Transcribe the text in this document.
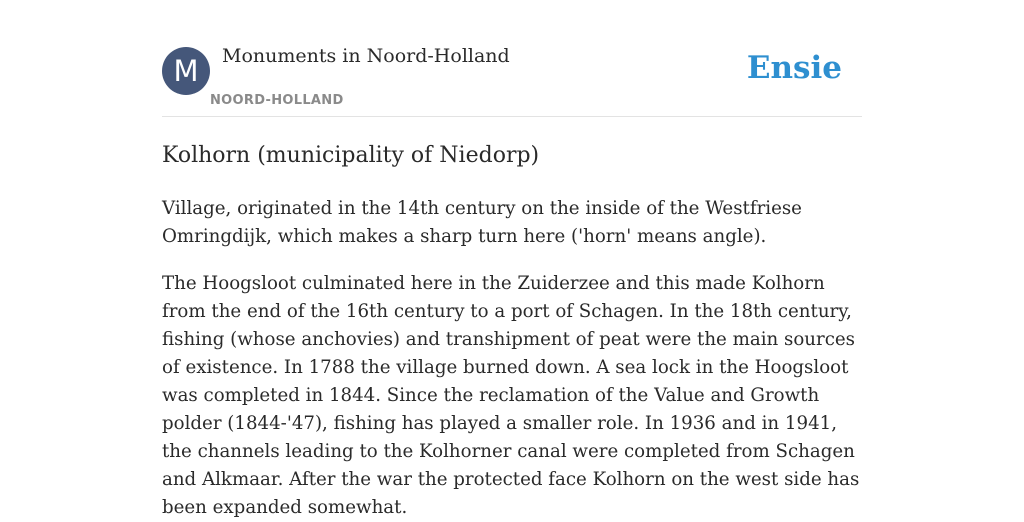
M	Monuments in Noord-Holland
NOORD-HOLLAND
Ensie
Kolhorn (municipality of Niedorp)

Village, originated in the 14th century on the inside of the Westfriese Omringdijk, which makes a sharp turn here ('horn' means angle).

The Hoogsloot culminated here in the Zuiderzee and this made Kolhorn from the end of the 16th century to a port of Schagen. In the 18th century, fishing (whose anchovies) and transhipment of peat were the main sources of existence. In 1788 the village burned down. A sea lock in the Hoogsloot was completed in 1844. Since the reclamation of the Value and Growth polder (1844-'47), fishing has played a smaller role. In 1936 and in 1941, the channels leading to the Kolhorner canal were completed from Schagen and Alkmaar. After the war the protected face Kolhorn on the west side has been expanded somewhat.
